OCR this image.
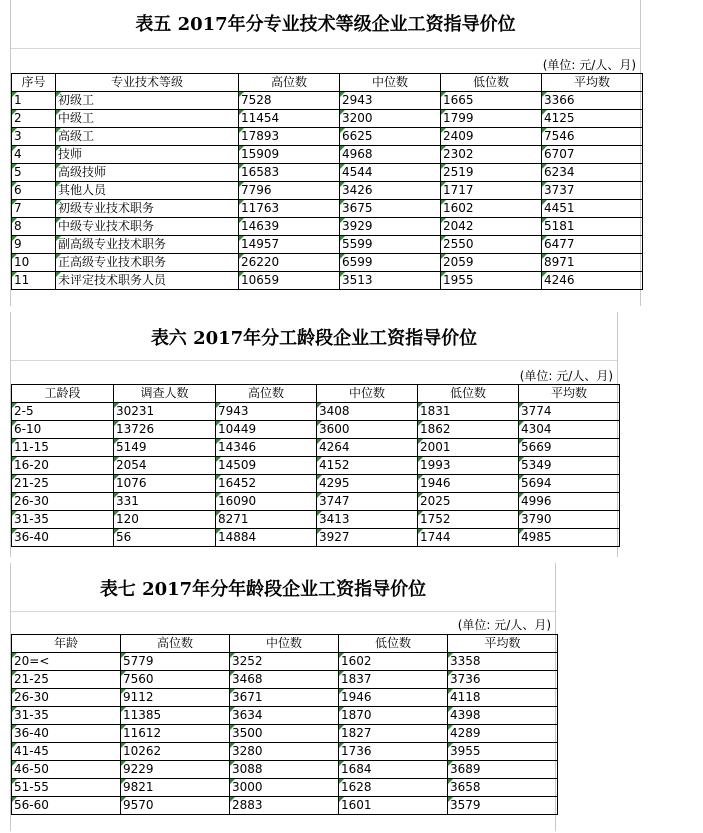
表五 2017年分专业技术等级企业工资指导价位
(单位: 元/人、月)
序号	专业技术等级	高位数	中位数	低位数	平均数
1	初级工	7528	2943	1665	3366
2	中级工	11454	3200	1799	4125
3	高级工	17893	6625	2409	7546
4	技师	15909	4968	2302	6707
5	高级技师	16583	4544	2519	6234
6	其他人员	7796	3426	1717	3737
7	初级专业技术职务	11763	3675	1602	4451
8	中级专业技术职务	14639	3929	2042	5181
9	副高级专业技术职务	14957	5599	2550	6477
10	正高级专业技术职务	26220	6599	2059	8971
11	未评定技术职务人员	10659	3513	1955	4246
表六 2017年分工龄段企业工资指导价位
(单位: 元/人、月)
工龄段	调查人数	高位数	中位数	低位数	平均数
2-5	30231	7943	3408	1831	3774
6-10	13726	10449	3600	1862	4304
11-15	5149	14346	4264	2001	5669
16-20	2054	14509	4152	1993	5349
21-25	1076	16452	4295	1946	5694
26-30	331	16090	3747	2025	4996
31-35	120	8271	3413	1752	3790
36-40	56	14884	3927	1744	4985
表七 2017年分年龄段企业工资指导价位
(单位: 元/人、月)
年龄	高位数	中位数	低位数	平均数
20=<	5779	3252	1602	3358
21-25	7560	3468	1837	3736
26-30	9112	3671	1946	4118
31-35	11385	3634	1870	4398
36-40	11612	3500	1827	4289
41-45	10262	3280	1736	3955
46-50	9229	3088	1684	3689
51-55	9821	3000	1628	3658
56-60	9570	2883	1601	3579
